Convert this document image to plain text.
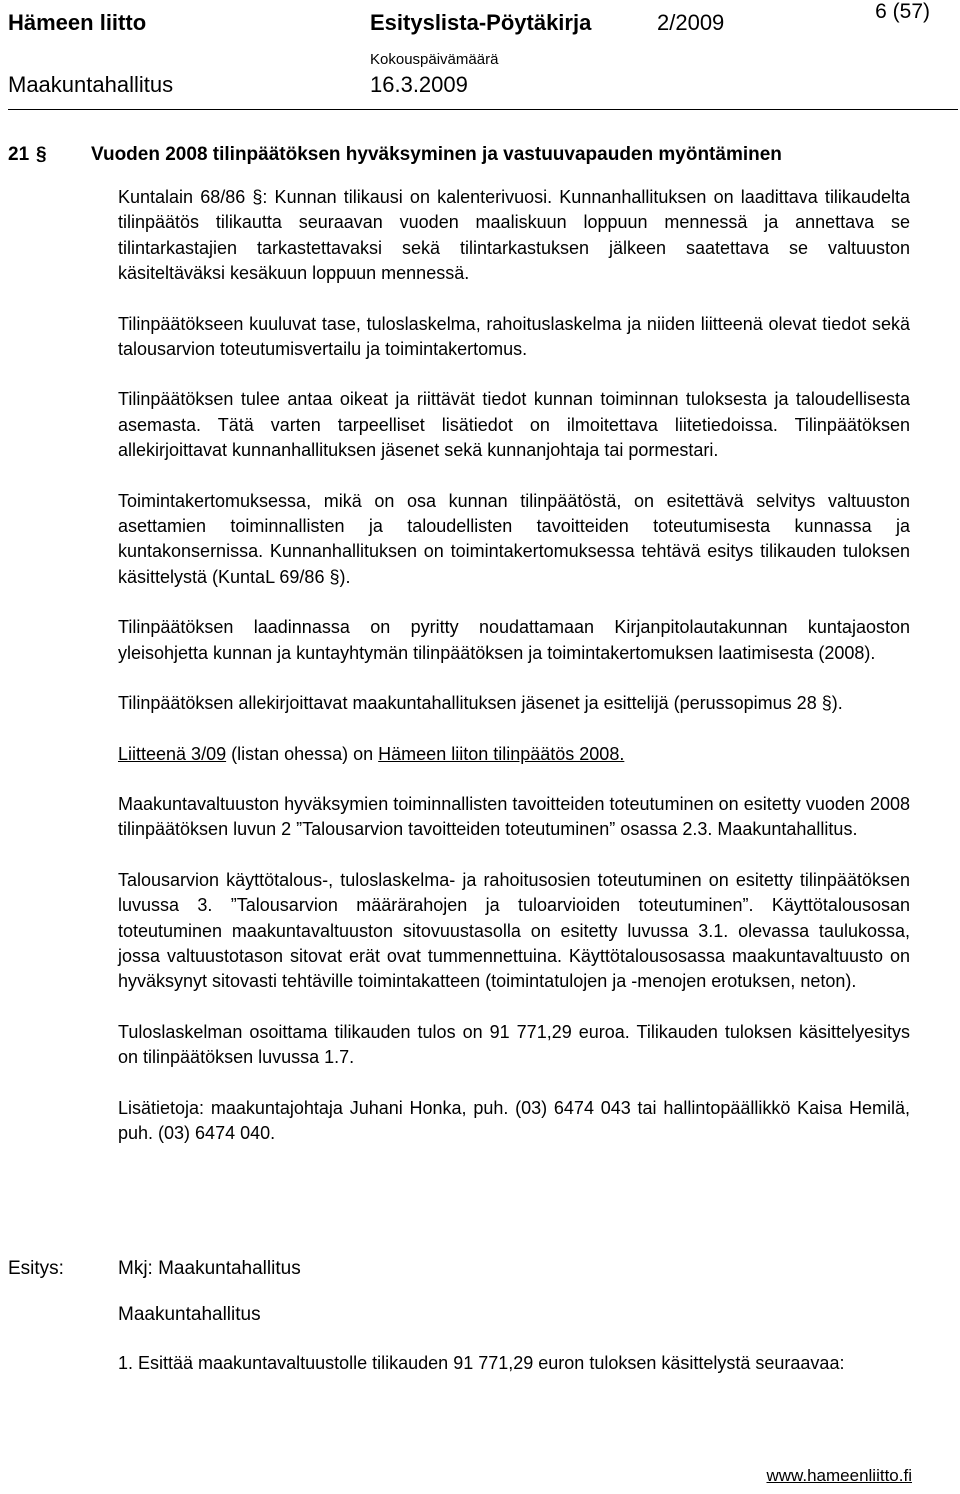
Hämeen liitto	Esityslista-Pöytäkirja	2/2009	6 (57)
Maakuntahallitus
Kokouspäivämäärä
16.3.2009
21 § Vuoden 2008 tilinpäätöksen hyväksyminen ja vastuuvapauden myöntäminen

Kuntalain 68/86 §: Kunnan tilikausi on kalenterivuosi. Kunnanhallituksen on laadittava tilikaudelta tilinpäätös tilikautta seuraavan vuoden maaliskuun loppuun mennessä ja annettava se tilintarkastajien tarkastettavaksi sekä tilintarkastuksen jälkeen saatettava se valtuuston käsiteltäväksi kesäkuun loppuun mennessä.

Tilinpäätökseen kuuluvat tase, tuloslaskelma, rahoituslaskelma ja niiden liitteenä olevat tiedot sekä talousarvion toteutumisvertailu ja toimintakertomus.

Tilinpäätöksen tulee antaa oikeat ja riittävät tiedot kunnan toiminnan tuloksesta ja taloudellisesta asemasta. Tätä varten tarpeelliset lisätiedot on ilmoitettava liitetiedoissa. Tilinpäätöksen allekirjoittavat kunnanhallituksen jäsenet sekä kunnanjohtaja tai pormestari.

Toimintakertomuksessa, mikä on osa kunnan tilinpäätöstä, on esitettävä selvitys valtuuston asettamien toiminnallisten ja taloudellisten tavoitteiden toteutumisesta kunnassa ja kuntakonsernissa. Kunnanhallituksen on toimintakertomuksessa tehtävä esitys tilikauden tuloksen käsittelystä (KuntaL 69/86 §).

Tilinpäätöksen laadinnassa on pyritty noudattamaan Kirjanpitolautakunnan kuntajaoston yleisohjetta kunnan ja kuntayhtymän tilinpäätöksen ja toimintakertomuksen laatimisesta (2008).

Tilinpäätöksen allekirjoittavat maakuntahallituksen jäsenet ja esittelijä (perussopimus 28 §).

Liitteenä 3/09 (listan ohessa) on Hämeen liiton tilinpäätös 2008.

Maakuntavaltuuston hyväksymien toiminnallisten tavoitteiden toteutuminen on esitetty vuoden 2008 tilinpäätöksen luvun 2 ”Talousarvion tavoitteiden toteutuminen” osassa 2.3. Maakuntahallitus.

Talousarvion käyttötalous-, tuloslaskelma- ja rahoitusosien toteutuminen on esitetty tilinpäätöksen luvussa 3. ”Talousarvion määrärahojen ja tuloarvioiden toteutuminen”. Käyttötalousosan toteutuminen maakuntavaltuuston sitovuustasolla on esitetty luvussa 3.1. olevassa taulukossa, jossa valtuustotason sitovat erät ovat tummennettuina. Käyttötalousosassa maakuntavaltuusto on hyväksynyt sitovasti tehtäville toimintakatteen (toimintatulojen ja -menojen erotuksen, neton).

Tuloslaskelman osoittama tilikauden tulos on 91 771,29 euroa. Tilikauden tuloksen käsittelyesitys on tilinpäätöksen luvussa 1.7.

Lisätietoja: maakuntajohtaja Juhani Honka, puh. (03) 6474 043 tai hallintopäällikkö Kaisa Hemilä, puh. (03) 6474 040.

Esitys:	Mkj: Maakuntahallitus
Maakuntahallitus

1. Esittää maakuntavaltuustolle tilikauden 91 771,29 euron tuloksen käsittelystä seuraavaa:

www.hameenliitto.fi
